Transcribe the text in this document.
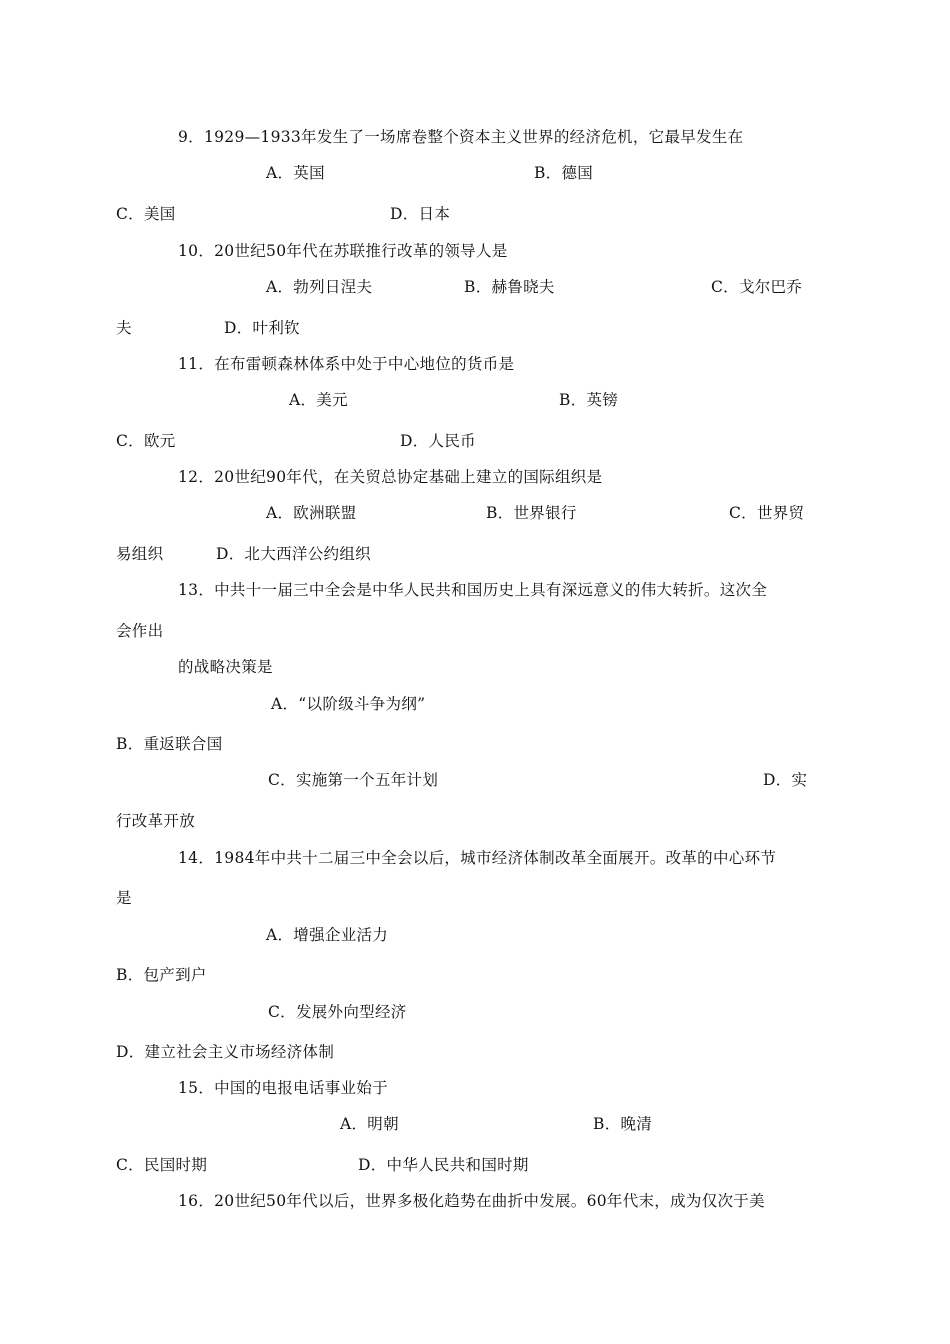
9．1929—1933年发生了一场席卷整个资本主义世界的经济危机，它最早发生在
A．英国	B．德国
C．美国	D．日本
10．20世纪50年代在苏联推行改革的领导人是
A．勃列日涅夫	B．赫鲁晓夫	C．戈尔巴乔
夫	D．叶利钦
11．在布雷顿森林体系中处于中心地位的货币是
A．美元	B．英镑
C．欧元	D．人民币
12．20世纪90年代，在关贸总协定基础上建立的国际组织是
A．欧洲联盟	B．世界银行	C．世界贸
易组织	D．北大西洋公约组织
13．中共十一届三中全会是中华人民共和国历史上具有深远意义的伟大转折。这次全
会作出
的战略决策是
A．“以阶级斗争为纲”
B．重返联合国
C．实施第一个五年计划	D．实
行改革开放
14．1984年中共十二届三中全会以后，城市经济体制改革全面展开。改革的中心环节
是
A．增强企业活力
B．包产到户
C．发展外向型经济
D．建立社会主义市场经济体制
15．中国的电报电话事业始于
A．明朝	B．晚清
C．民国时期	D．中华人民共和国时期
16．20世纪50年代以后，世界多极化趋势在曲折中发展。60年代末，成为仅次于美
